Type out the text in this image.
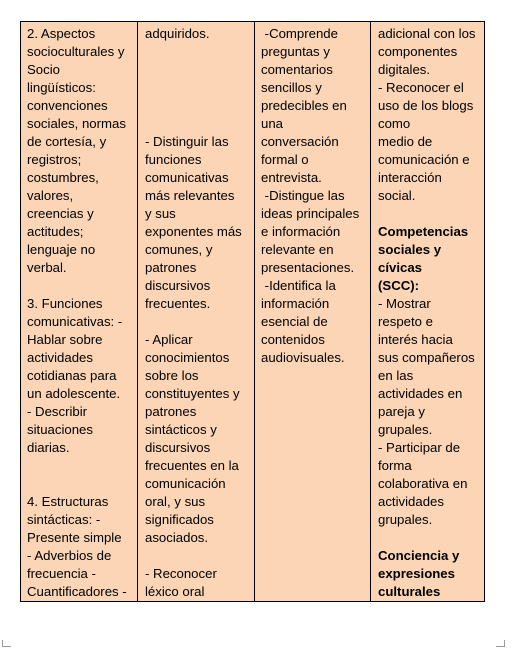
2. Aspectos
socioculturales y
Socio
lingüísticos:
convenciones
sociales, normas
de cortesía, y
registros;
costumbres,
valores,
creencias y
actitudes;
lenguaje no
verbal.

3. Funciones
comunicativas: -
Hablar sobre
actividades
cotidianas para
un adolescente.
- Describir
situaciones
diarias.

4. Estructuras
sintácticas: -
Presente simple
- Adverbios de
frecuencia -
Cuantificadores -	adquiridos.

- Distinguir las
funciones
comunicativas
más relevantes
y sus
exponentes más
comunes, y
patrones
discursivos
frecuentes.

- Aplicar
conocimientos
sobre los
constituyentes y
patrones
sintácticos y
discursivos
frecuentes en la
comunicación
oral, y sus
significados
asociados.

- Reconocer
léxico oral	-Comprende
preguntas y
comentarios
sencillos y
predecibles en
una
conversación
formal o
entrevista.
-Distingue las
ideas principales
e información
relevante en
presentaciones.
-Identifica la
información
esencial de
contenidos
audiovisuales.	adicional con los
componentes
digitales.
- Reconocer el
uso de los blogs
como
medio de
comunicación e
interacción
social.

Competencias
sociales y
cívicas
(SCC):
- Mostrar
respeto e
interés hacia
sus compañeros
en las
actividades en
pareja y
grupales.
- Participar de
forma
colaborativa en
actividades
grupales.

Conciencia y
expresiones
culturales
